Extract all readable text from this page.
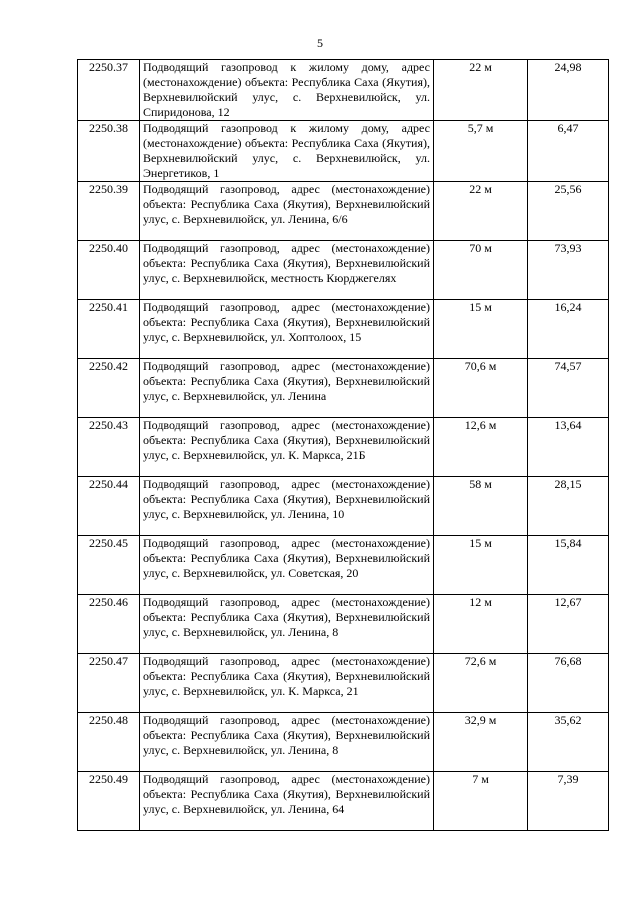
5
2250.37	Подводящий газопровод к жилому дому, адрес (местонахождение) объекта: Республика Саха (Якутия), Верхневилюйский улус, с. Верхневилюйск, ул. Спиридонова, 12	22 м	24,98
2250.38	Подводящий газопровод к жилому дому, адрес (местонахождение) объекта: Республика Саха (Якутия), Верхневилюйский улус, с. Верхневилюйск, ул. Энергетиков, 1	5,7 м	6,47
2250.39	Подводящий газопровод, адрес (местонахождение) объекта: Республика Саха (Якутия), Верхневилюйский улус, с. Верхневилюйск, ул. Ленина, 6/6	22 м	25,56
2250.40	Подводящий газопровод, адрес (местонахождение) объекта: Республика Саха (Якутия), Верхневилюйский улус, с. Верхневилюйск, местность Кюрджегелях	70 м	73,93
2250.41	Подводящий газопровод, адрес (местонахождение) объекта: Республика Саха (Якутия), Верхневилюйский улус, с. Верхневилюйск, ул. Хоптолоох, 15	15 м	16,24
2250.42	Подводящий газопровод, адрес (местонахождение) объекта: Республика Саха (Якутия), Верхневилюйский улус, с. Верхневилюйск, ул. Ленина	70,6 м	74,57
2250.43	Подводящий газопровод, адрес (местонахождение) объекта: Республика Саха (Якутия), Верхневилюйский улус, с. Верхневилюйск, ул. К. Маркса, 21Б	12,6 м	13,64
2250.44	Подводящий газопровод, адрес (местонахождение) объекта: Республика Саха (Якутия), Верхневилюйский улус, с. Верхневилюйск, ул. Ленина, 10	58 м	28,15
2250.45	Подводящий газопровод, адрес (местонахождение) объекта: Республика Саха (Якутия), Верхневилюйский улус, с. Верхневилюйск, ул. Советская, 20	15 м	15,84
2250.46	Подводящий газопровод, адрес (местонахождение) объекта: Республика Саха (Якутия), Верхневилюйский улус, с. Верхневилюйск, ул. Ленина, 8	12 м	12,67
2250.47	Подводящий газопровод, адрес (местонахождение) объекта: Республика Саха (Якутия), Верхневилюйский улус, с. Верхневилюйск, ул. К. Маркса, 21	72,6 м	76,68
2250.48	Подводящий газопровод, адрес (местонахождение) объекта: Республика Саха (Якутия), Верхневилюйский улус, с. Верхневилюйск, ул. Ленина, 8	32,9 м	35,62
2250.49	Подводящий газопровод, адрес (местонахождение) объекта: Республика Саха (Якутия), Верхневилюйский улус, с. Верхневилюйск, ул. Ленина, 64	7 м	7,39
